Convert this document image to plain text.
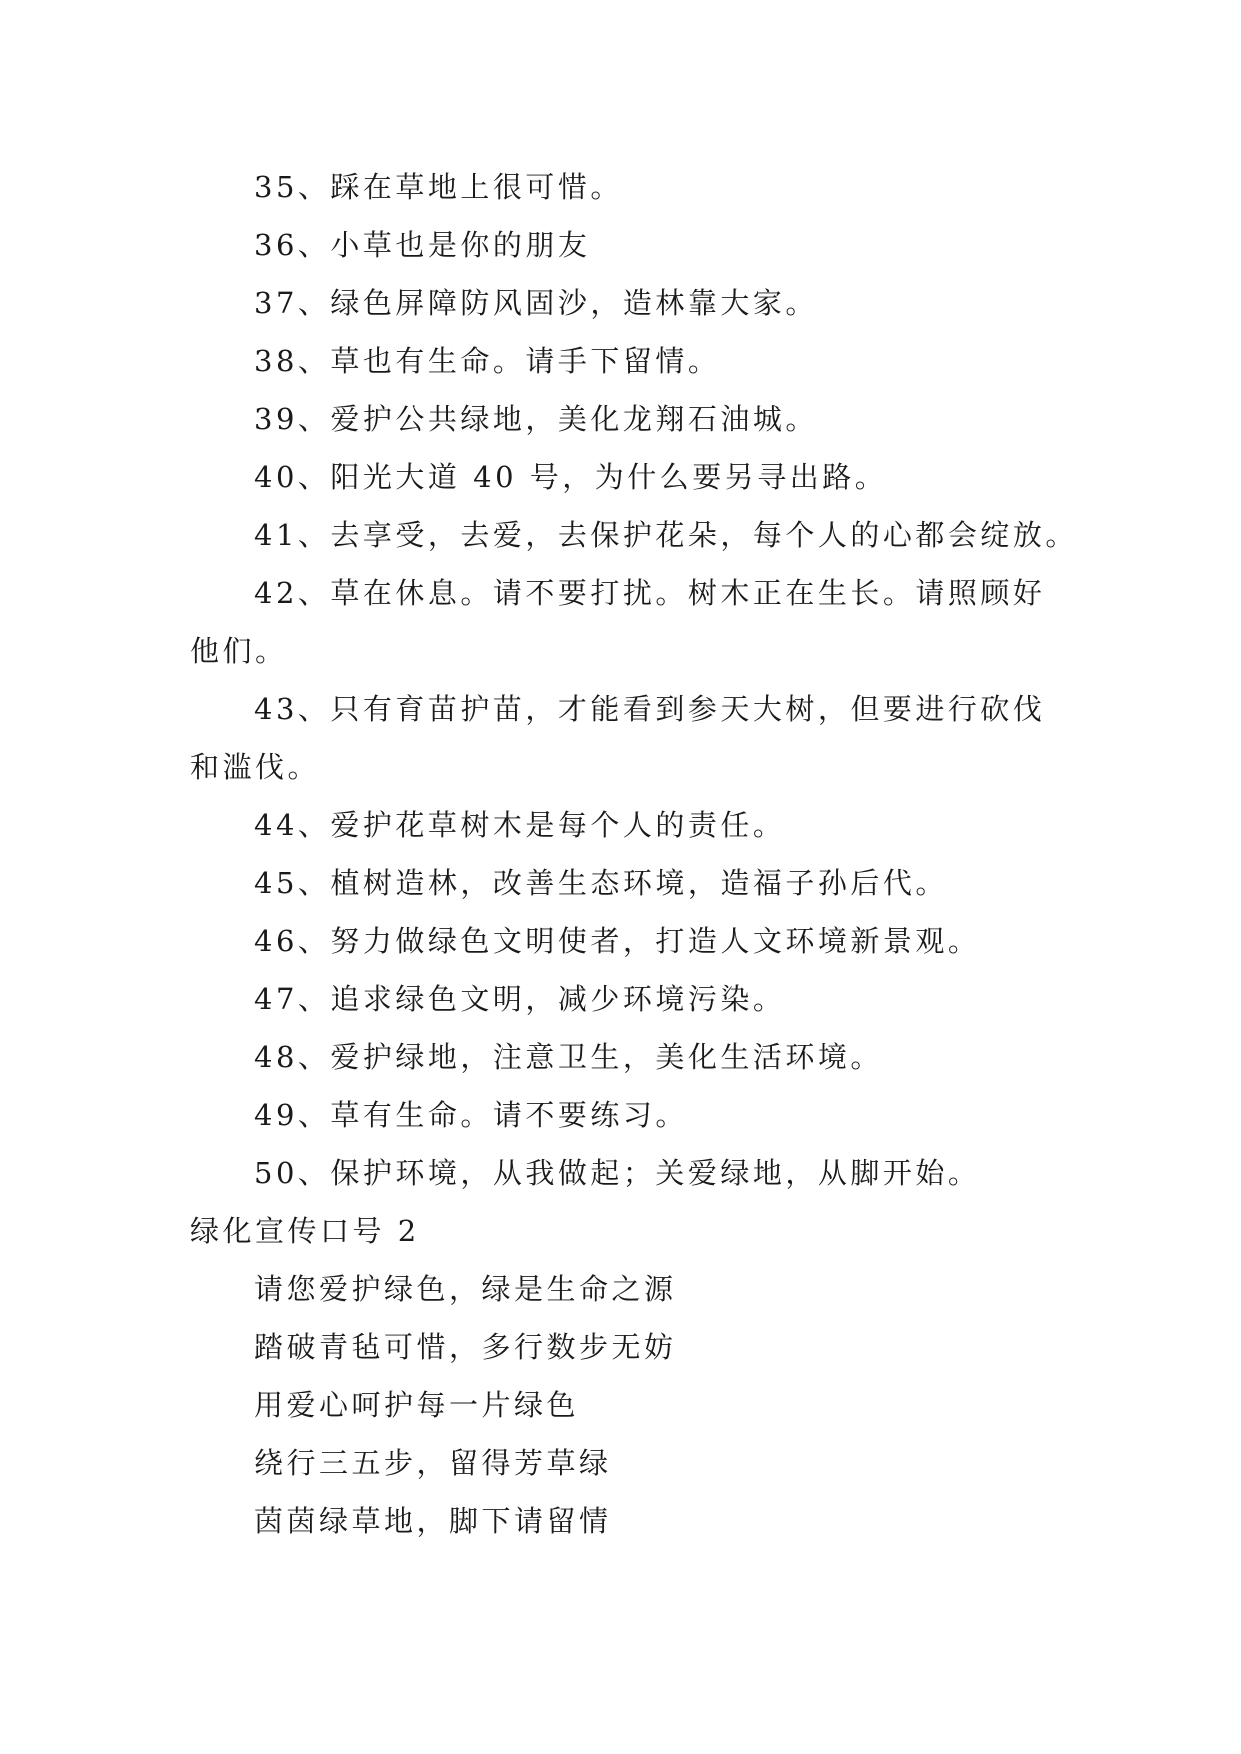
35、踩在草地上很可惜。

36、小草也是你的朋友

37、绿色屏障防风固沙，造林靠大家。

38、草也有生命。请手下留情。

39、爱护公共绿地，美化龙翔石油城。

40、阳光大道 40 号，为什么要另寻出路。

41、去享受，去爱，去保护花朵，每个人的心都会绽放。

42、草在休息。请不要打扰。树木正在生长。请照顾好他们。

43、只有育苗护苗，才能看到参天大树，但要进行砍伐和滥伐。

44、爱护花草树木是每个人的责任。

45、植树造林，改善生态环境，造福子孙后代。

46、努力做绿色文明使者，打造人文环境新景观。

47、追求绿色文明，减少环境污染。

48、爱护绿地，注意卫生，美化生活环境。

49、草有生命。请不要练习。

50、保护环境，从我做起；关爱绿地，从脚开始。

绿化宣传口号 2

请您爱护绿色，绿是生命之源

踏破青毡可惜，多行数步无妨

用爱心呵护每一片绿色

绕行三五步，留得芳草绿

茵茵绿草地，脚下请留情
